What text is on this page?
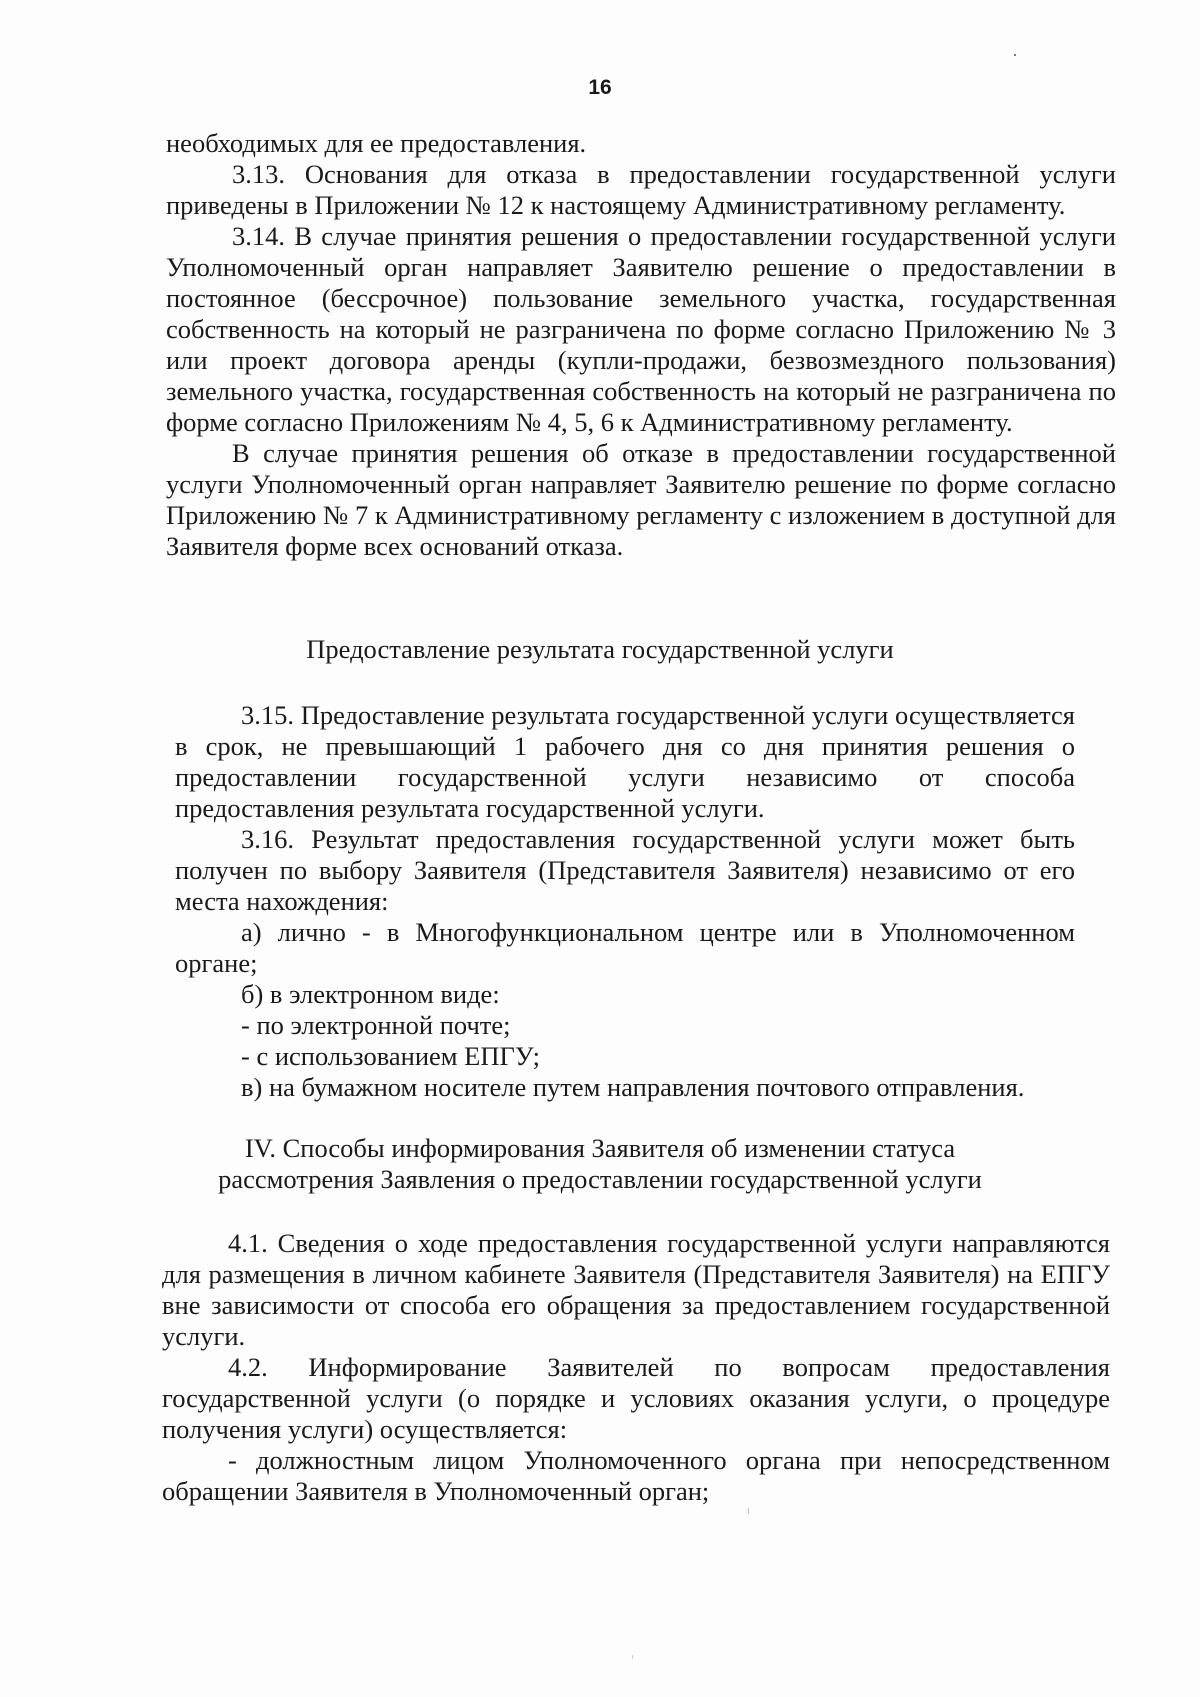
16

необходимых для ее предоставления.

3.13. Основания для отказа в предоставлении государственной услуги приведены в Приложении № 12 к настоящему Административному регламенту.

3.14. В случае принятия решения о предоставлении государственной услуги Уполномоченный орган направляет Заявителю решение о предоставлении в постоянное (бессрочное) пользование земельного участка, государственная собственность на который не разграничена по форме согласно Приложению № 3 или проект договора аренды (купли-продажи, безвозмездного пользования) земельного участка, государственная собственность на который не разграничена по форме согласно Приложениям № 4, 5, 6 к Административному регламенту.

В случае принятия решения об отказе в предоставлении государственной услуги Уполномоченный орган направляет Заявителю решение по форме согласно Приложению № 7 к Административному регламенту с изложением в доступной для Заявителя форме всех оснований отказа.

Предоставление результата государственной услуги

3.15. Предоставление результата государственной услуги осуществляется в срок, не превышающий 1 рабочего дня со дня принятия решения о предоставлении государственной услуги независимо от способа предоставления результата государственной услуги.

3.16. Результат предоставления государственной услуги может быть получен по выбору Заявителя (Представителя Заявителя) независимо от его места нахождения:

а) лично - в Многофункциональном центре или в Уполномоченном органе;

б) в электронном виде:

- по электронной почте;

- с использованием ЕПГУ;

в) на бумажном носителе путем направления почтового отправления.

IV. Способы информирования Заявителя об изменении статуса
рассмотрения Заявления о предоставлении государственной услуги

4.1. Сведения о ходе предоставления государственной услуги направляются для размещения в личном кабинете Заявителя (Представителя Заявителя) на ЕПГУ вне зависимости от способа его обращения за предоставлением государственной услуги.

4.2. Информирование Заявителей по вопросам предоставления государственной услуги (о порядке и условиях оказания услуги, о процедуре получения услуги) осуществляется:

- должностным лицом Уполномоченного органа при непосредственном обращении Заявителя в Уполномоченный орган;
